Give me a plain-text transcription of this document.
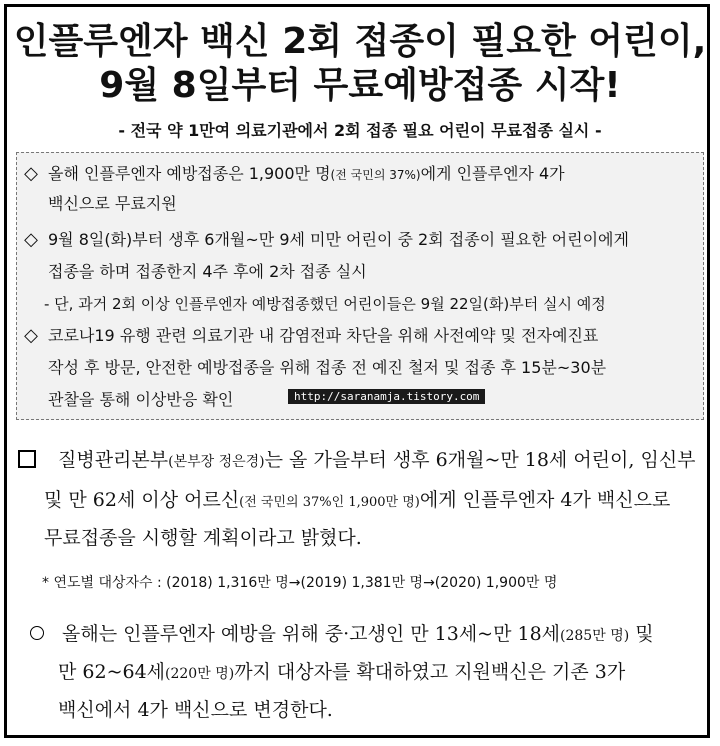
인플루엔자 백신 2회 접종이 필요한 어린이,
9월 8일부터 무료예방접종 시작!
- 전국 약 1만여 의료기관에서 2회 접종 필요 어린이 무료접종 실시 -
◇ 올해 인플루엔자 예방접종은 1,900만 명(전 국민의 37%)에게 인플루엔자 4가
백신으로 무료지원
◇ 9월 8일(화)부터 생후 6개월~만 9세 미만 어린이 중 2회 접종이 필요한 어린이에게
접종을 하며 접종한지 4주 후에 2차 접종 실시
- 단, 과거 2회 이상 인플루엔자 예방접종했던 어린이들은 9월 22일(화)부터 실시 예정
◇ 코로나19 유행 관련 의료기관 내 감염전파 차단을 위해 사전예약 및 전자예진표
작성 후 방문, 안전한 예방접종을 위해 접종 전 예진 철저 및 접종 후 15분~30분
관찰을 통해 이상반응 확인	http://saranamja.tistory.com
질병관리본부(본부장 정은경)는 올 가을부터 생후 6개월~만 18세 어린이, 임신부
및 만 62세 이상 어르신(전 국민의 37%인 1,900만 명)에게 인플루엔자 4가 백신으로
무료접종을 시행할 계획이라고 밝혔다.
* 연도별 대상자수 : (2018) 1,316만 명→(2019) 1,381만 명→(2020) 1,900만 명
올해는 인플루엔자 예방을 위해 중·고생인 만 13세~만 18세(285만 명) 및
만 62~64세(220만 명)까지 대상자를 확대하였고 지원백신은 기존 3가
백신에서 4가 백신으로 변경한다.
